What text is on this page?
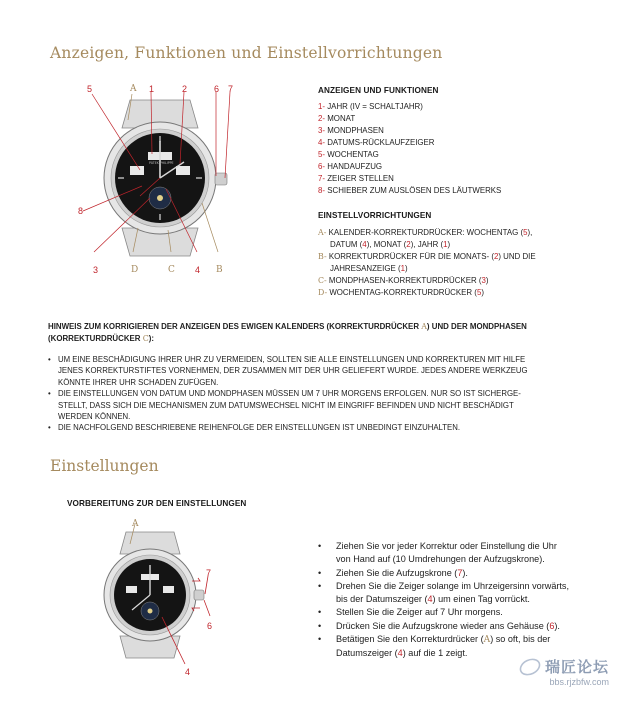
Anzeigen, Funktionen und Einstellvorrichtungen
PATEK PHILIPPE
5	A 1	2	6 7
8
3	D	C 4 B
ANZEIGEN UND FUNKTIONEN
1- JAHR (IV = SCHALTJAHR)
2- MONAT
3- MONDPHASEN
4- DATUMS-RÜCKLAUFZEIGER
5- WOCHENTAG
6- HANDAUFZUG
7- ZEIGER STELLEN
8- SCHIEBER ZUM AUSLÖSEN DES LÄUTWERKS
EINSTELLVORRICHTUNGEN
A- KALENDER-KORREKTURDRÜCKER: WOCHENTAG (5),
DATUM (4), MONAT (2), JAHR (1)
B- KORREKTURDRÜCKER FÜR DIE MONATS- (2) UND DIE
JAHRESANZEIGE (1)
C- MONDPHASEN-KORREKTURDRÜCKER (3)
D- WOCHENTAG-KORREKTURDRÜCKER (5)
HINWEIS ZUM KORRIGIEREN DER ANZEIGEN DES EWIGEN KALENDERS (KORREKTURDRÜCKER A) UND DER MONDPHASEN
(KORREKTURDRÜCKER C):
• UM EINE BESCHÄDIGUNG IHRER UHR ZU VERMEIDEN, SOLLTEN SIE ALLE EINSTELLUNGEN UND KORREKTUREN MIT HILFE
JENES KORREKTURSTIFTES VORNEHMEN, DER ZUSAMMEN MIT DER UHR GELIEFERT WURDE. JEDES ANDERE WERKZEUG
KÖNNTE IHRER UHR SCHADEN ZUFÜGEN.
• DIE EINSTELLUNGEN VON DATUM UND MONDPHASEN MÜSSEN UM 7 UHR MORGENS ERFOLGEN. NUR SO IST SICHERGE-
STELLT, DASS SICH DIE MECHANISMEN ZUM DATUMSWECHSEL NICHT IM EINGRIFF BEFINDEN UND NICHT BESCHÄDIGT
WERDEN KÖNNEN.
• DIE NACHFOLGEND BESCHRIEBENE REIHENFOLGE DER EINSTELLUNGEN IST UNBEDINGT EINZUHALTEN.
Einstellungen
VORBEREITUNG ZUR DEN EINSTELLUNGEN
A
7
6
4
• Ziehen Sie vor jeder Korrektur oder Einstellung die Uhr
von Hand auf (10 Umdrehungen der Aufzugskrone).
• Ziehen Sie die Aufzugskrone (7).
• Drehen Sie die Zeiger solange im Uhrzeigersinn vorwärts,
bis der Datumszeiger (4) um einen Tag vorrückt.
• Stellen Sie die Zeiger auf 7 Uhr morgens.
• Drücken Sie die Aufzugskrone wieder ans Gehäuse (6).
• Betätigen Sie den Korrekturdrücker (A) so oft, bis der
Datumszeiger (4) auf die 1 zeigt.
瑞匠论坛
bbs.rjzbfw.com
